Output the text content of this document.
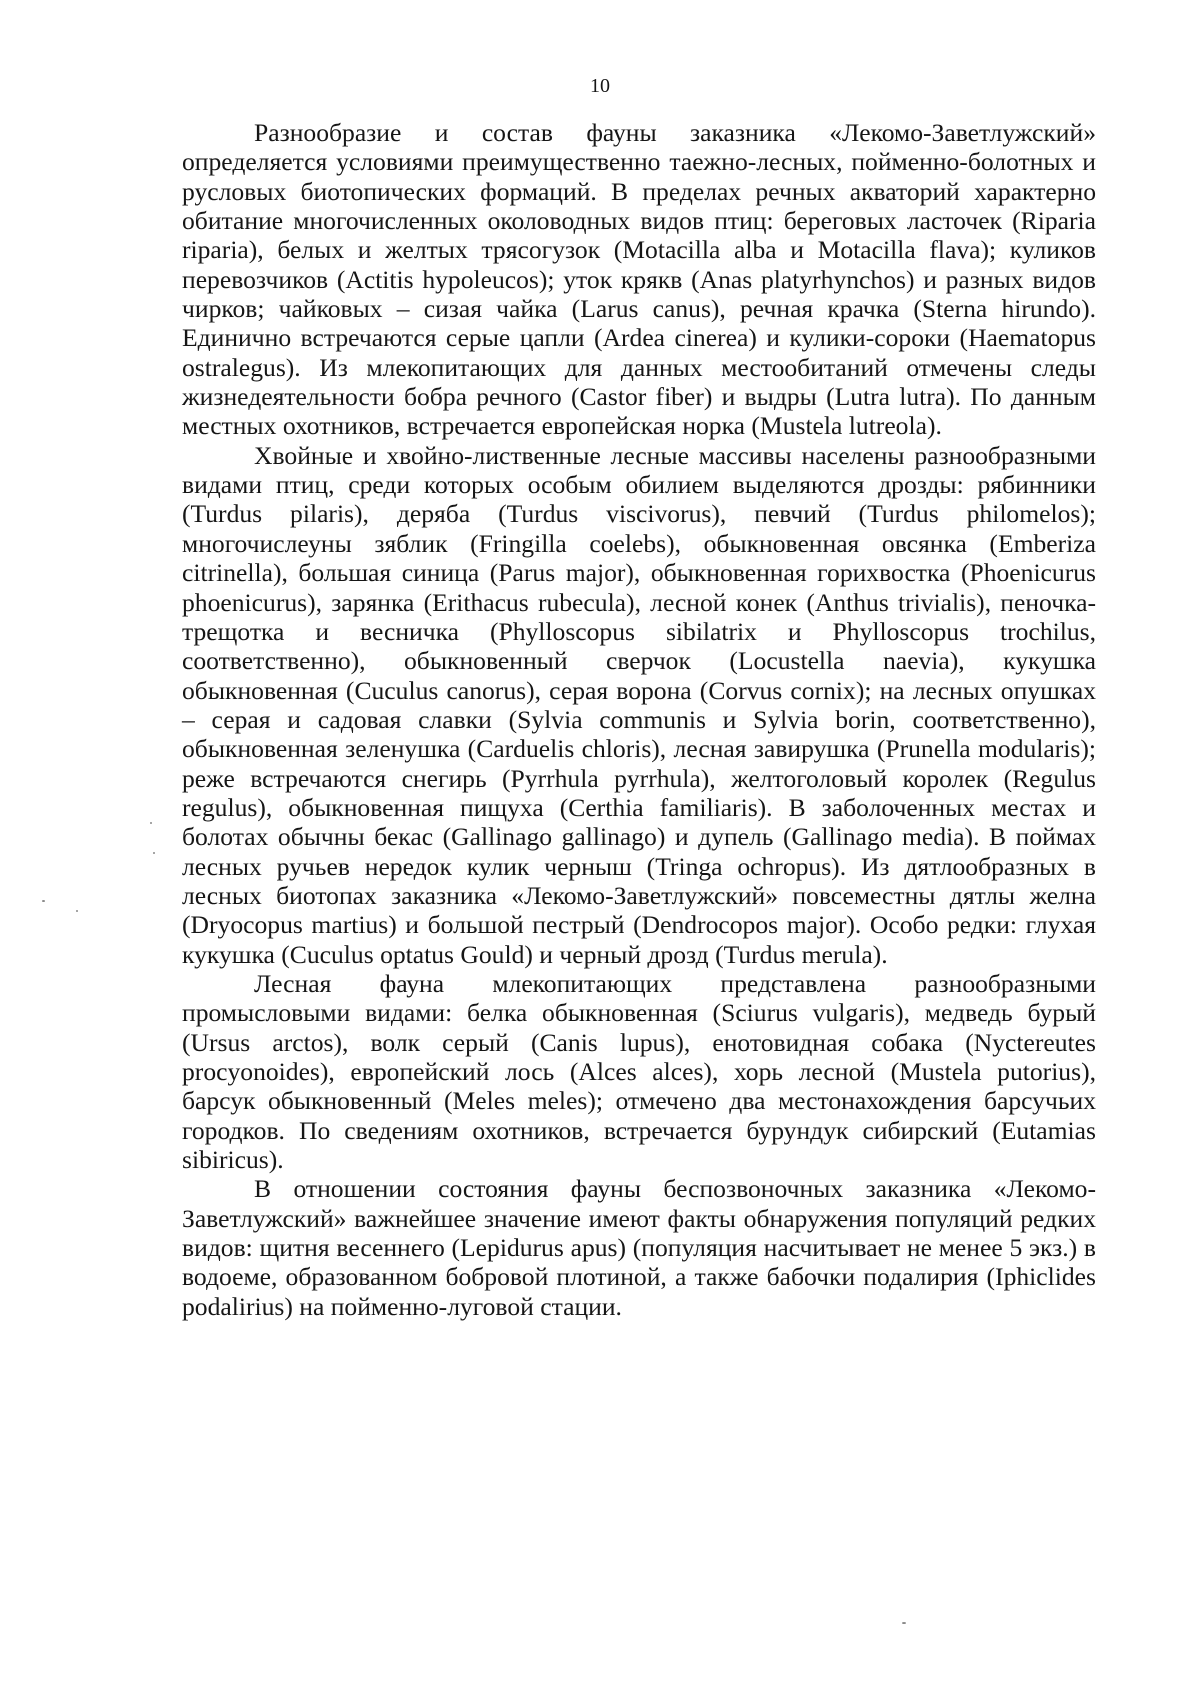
10

Разнообразие и состав фауны заказника «Лекомо-Заветлужский» определяется условиями преимущественно таежно-лесных, пойменно-болотных и русловых биотопических формаций. В пределах речных акваторий характерно обитание многочисленных околоводных видов птиц: береговых ласточек (Riparia riparia), белых и желтых трясогузок (Motacilla alba и Motacilla flava); куликов перевозчиков (Actitis hypoleucos); уток крякв (Anas platyrhynchos) и разных видов чирков; чайковых – сизая чайка (Larus canus), речная крачка (Sterna hirundo). Единично встречаются серые цапли (Ardea cinerea) и кулики-сороки (Haematopus ostralegus). Из млекопитающих для данных местообитаний отмечены следы жизнедеятельности бобра речного (Castor fiber) и выдры (Lutra lutra). По данным местных охотников, встречается европейская норка (Mustela lutreola).

Хвойные и хвойно-лиственные лесные массивы населены разнообразными видами птиц, среди которых особым обилием выделяются дрозды: рябинники (Turdus pilaris), деряба (Turdus viscivorus), певчий (Turdus philomelos); многочислеуны зяблик (Fringilla coelebs), обыкновенная овсянка (Emberiza citrinella), большая синица (Parus major), обыкновенная горихвостка (Phoenicurus phoenicurus), зарянка (Erithacus rubecula), лесной конек (Anthus trivialis), пеночка-трещотка и весничка (Phylloscopus sibilatrix и Phylloscopus trochilus, соответственно), обыкновенный сверчок (Locustella naevia), кукушка обыкновенная (Cuculus canorus), серая ворона (Corvus cornix); на лесных опушках – серая и садовая славки (Sylvia communis и Sylvia borin, соответственно), обыкновенная зеленушка (Carduelis chloris), лесная завирушка (Prunella modularis); реже встречаются снегирь (Pyrrhula pyrrhula), желтоголовый королек (Regulus regulus), обыкновенная пищуха (Certhia familiaris). В заболоченных местах и болотах обычны бекас (Gallinago gallinago) и дупель (Gallinago media). В поймах лесных ручьев нередок кулик черныш (Tringa ochropus). Из дятлообразных в лесных биотопах заказника «Лекомо-Заветлужский» повсеместны дятлы желна (Dryocopus martius) и большой пестрый (Dendrocopos major). Особо редки: глухая кукушка (Cuculus optatus Gould) и черный дрозд (Turdus merula).

Лесная фауна млекопитающих представлена разнообразными промысловыми видами: белка обыкновенная (Sciurus vulgaris), медведь бурый (Ursus arctos), волк серый (Canis lupus), енотовидная собака (Nyctereutes procyonoides), европейский лось (Alces alces), хорь лесной (Mustela putorius), барсук обыкновенный (Meles meles); отмечено два местонахождения барсучьих городков. По сведениям охотников, встречается бурундук сибирский (Eutamias sibiricus).

В отношении состояния фауны беспозвоночных заказника «Лекомо-Заветлужский» важнейшее значение имеют факты обнаружения популяций редких видов: щитня весеннего (Lepidurus apus) (популяция насчитывает не менее 5 экз.) в водоеме, образованном бобровой плотиной, а также бабочки подалирия (Iphiclides podalirius) на пойменно-луговой стации.
